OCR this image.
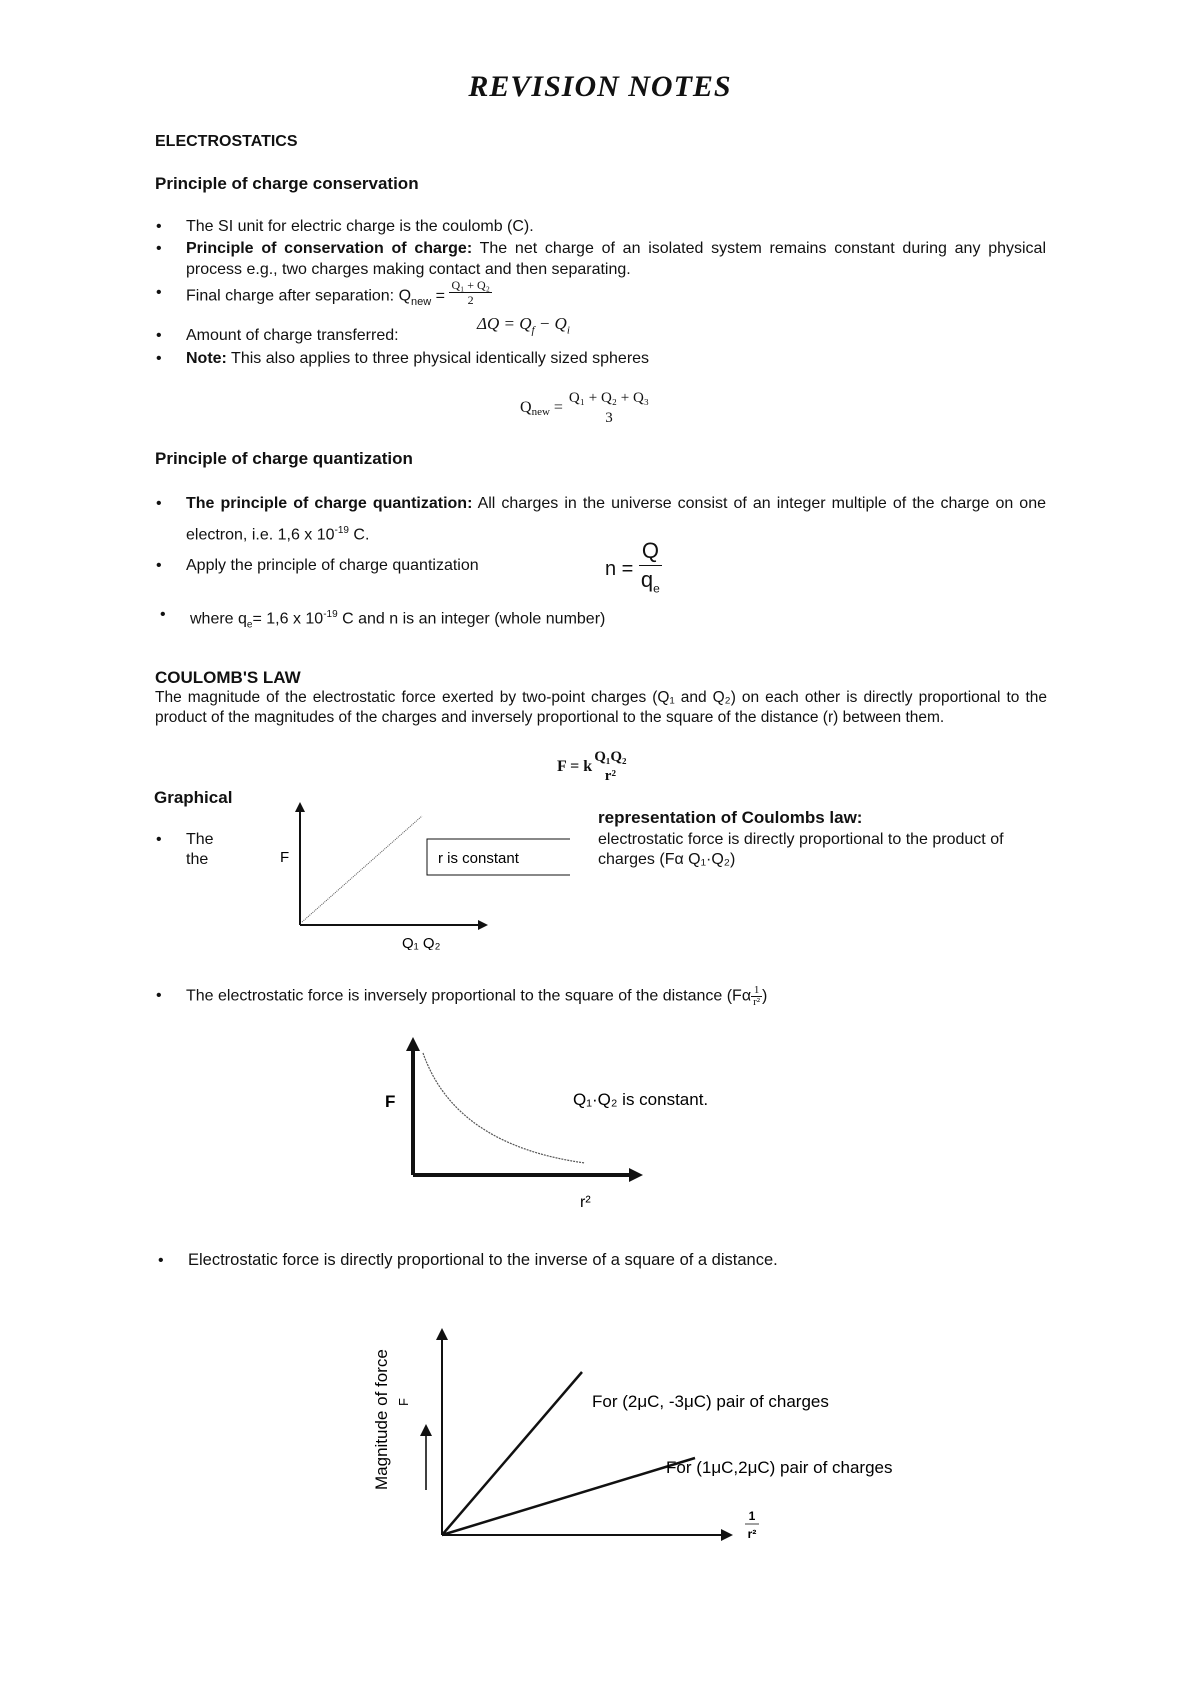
REVISION NOTES
ELECTROSTATICS
Principle of charge conservation
• The SI unit for electric charge is the coulomb (C).
• Principle of conservation of charge: The net charge of an isolated system remains constant during any physical process e.g., two charges making contact and then separating.
• Final charge after separation: $Q_{new} = \frac{\text{Q₁ + Q₂}}{2}$
• Amount of charge transferred:
$\Delta Q = Q_f - Q_i$
• Note: This also applies to three physical identically sized spheres
$Q_{new}$ =
Q₁ + Q₂ + Q₃
3
Principle of charge quantization
• The principle of charge quantization: All charges in the universe consist of an integer multiple of the charge on one electron, i.e. 1,6 x $10^{-19}$ C.
• Apply the principle of charge quantization	$n = \frac{Q}{q_e}$
• where $q_e= 1,6$ x $10^{-19}$ C and n is an integer (whole number)
COULOMB'S LAW
The magnitude of the electrostatic force exerted by two-point charges (Q₁ and Q₂) on each other is directly proportional to the product of the magnitudes of the charges and inversely proportional to the square of the distance (r) between them.
F = k
Q₁Q₂
r²
Graphical
representation of Coulombs law:
• The
the
electrostatic force is directly proportional to the product of
charges (Fα Q₁·Q₂)
F	r is constant
Q₁ Q₂
• The electrostatic force is inversely proportional to the square of the distance ($F\alpha \frac{1}{\text{r²}}$ )
F	Q₁·Q₂ is constant.
r²
• Electrostatic force is directly proportional to the inverse of a square of a distance.
Magnitude of force F	For (2μC, -3μC) pair of charges
For (1μC,2μC) pair of charges
1
r²
